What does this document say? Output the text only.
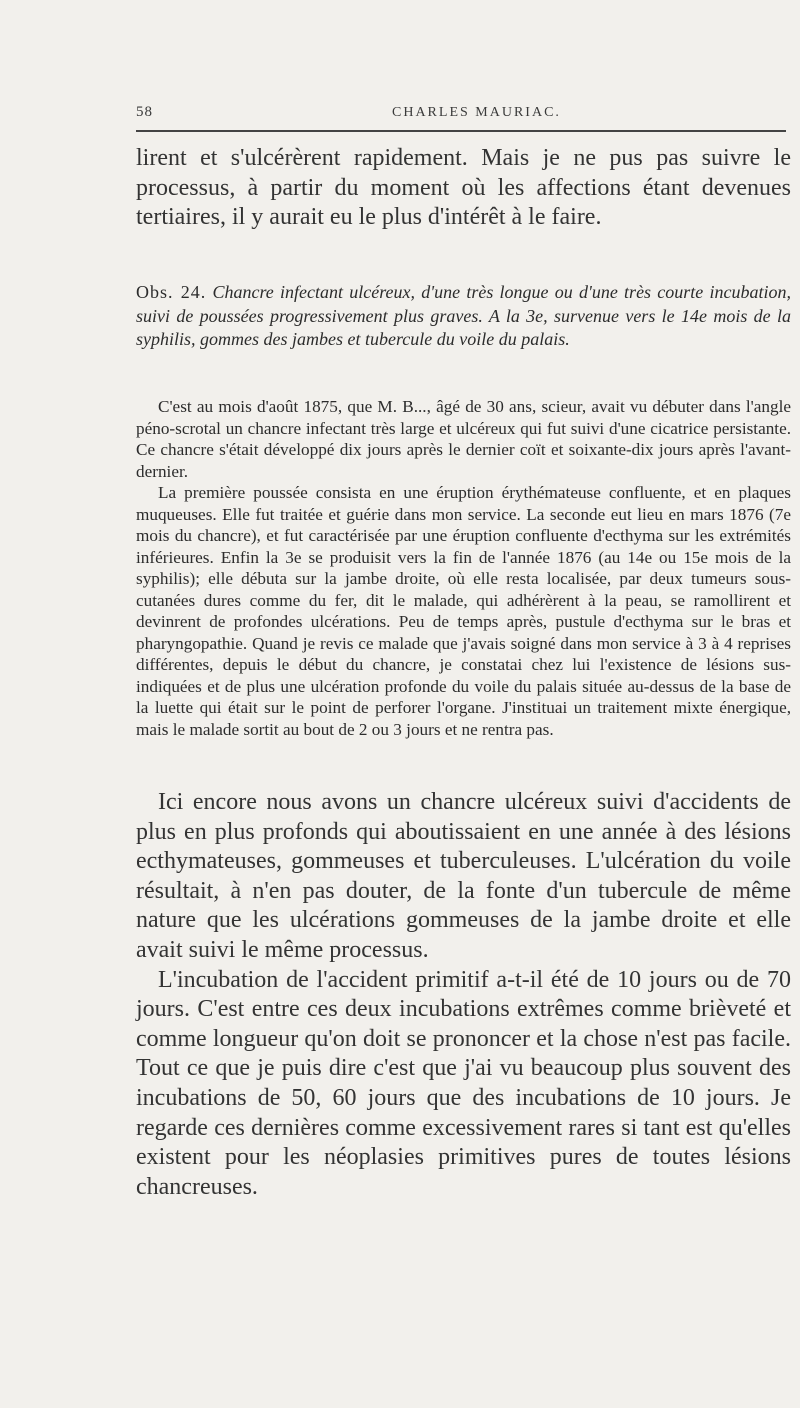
58	CHARLES MAURIAC.

lirent et s'ulcérèrent rapidement. Mais je ne pus pas suivre le processus, à partir du moment où les affections étant devenues tertiaires, il y aurait eu le plus d'intérêt à le faire.

Obs. 24. Chancre infectant ulcéreux, d'une très longue ou d'une très courte incubation, suivi de poussées progressivement plus graves. A la 3e, survenue vers le 14e mois de la syphilis, gommes des jambes et tubercule du voile du palais.

C'est au mois d'août 1875, que M. B..., âgé de 30 ans, scieur, avait vu débuter dans l'angle péno-scrotal un chancre infectant très large et ulcéreux qui fut suivi d'une cicatrice persistante. Ce chancre s'était développé dix jours après le dernier coït et soixante-dix jours après l'avant-dernier.

La première poussée consista en une éruption érythémateuse confluente, et en plaques muqueuses. Elle fut traitée et guérie dans mon service. La seconde eut lieu en mars 1876 (7e mois du chancre), et fut caractérisée par une éruption confluente d'ecthyma sur les extrémités inférieures. Enfin la 3e se produisit vers la fin de l'année 1876 (au 14e ou 15e mois de la syphilis); elle débuta sur la jambe droite, où elle resta localisée, par deux tumeurs sous-cutanées dures comme du fer, dit le malade, qui adhérèrent à la peau, se ramollirent et devinrent de profondes ulcérations. Peu de temps après, pustule d'ecthyma sur le bras et pharyngopathie. Quand je revis ce malade que j'avais soigné dans mon service à 3 à 4 reprises différentes, depuis le début du chancre, je constatai chez lui l'existence de lésions sus-indiquées et de plus une ulcération profonde du voile du palais située au-dessus de la base de la luette qui était sur le point de perforer l'organe. J'instituai un traitement mixte énergique, mais le malade sortit au bout de 2 ou 3 jours et ne rentra pas.

Ici encore nous avons un chancre ulcéreux suivi d'accidents de plus en plus profonds qui aboutissaient en une année à des lésions ecthymateuses, gommeuses et tuberculeuses. L'ulcération du voile résultait, à n'en pas douter, de la fonte d'un tubercule de même nature que les ulcérations gommeuses de la jambe droite et elle avait suivi le même processus.

L'incubation de l'accident primitif a-t-il été de 10 jours ou de 70 jours. C'est entre ces deux incubations extrêmes comme brièveté et comme longueur qu'on doit se prononcer et la chose n'est pas facile. Tout ce que je puis dire c'est que j'ai vu beaucoup plus souvent des incubations de 50, 60 jours que des incubations de 10 jours. Je regarde ces dernières comme excessivement rares si tant est qu'elles existent pour les néoplasies primitives pures de toutes lésions chancreuses.
